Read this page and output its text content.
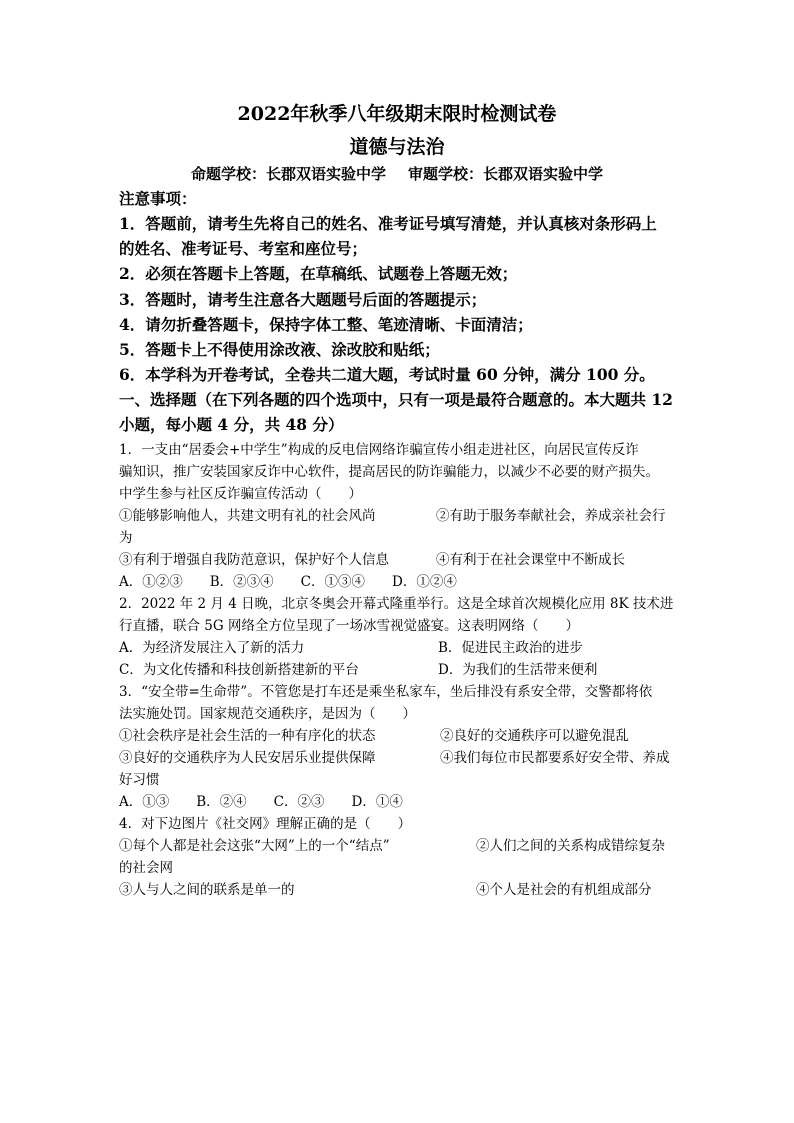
2022年秋季八年级期末限时检测试卷
道德与法治
命题学校：长郡双语实验中学 审题学校：长郡双语实验中学
注意事项：
1．答题前，请考生先将自己的姓名、准考证号填写清楚，并认真核对条形码上
的姓名、准考证号、考室和座位号；
2．必须在答题卡上答题，在草稿纸、试题卷上答题无效；
3．答题时，请考生注意各大题题号后面的答题提示；
4．请勿折叠答题卡，保持字体工整、笔迹清晰、卡面清洁；
5．答题卡上不得使用涂改液、涂改胶和贴纸；
6．本学科为开卷考试，全卷共二道大题，考试时量 60 分钟，满分 100 分。
一、选择题（在下列各题的四个选项中，只有一项是最符合题意的。本大题共 12
小题，每小题 4 分，共 48 分）
1．一支由“居委会+中学生”构成的反电信网络诈骗宣传小组走进社区，向居民宣传反诈
骗知识，推广安装国家反诈中心软件，提高居民的防诈骗能力，以减少不必要的财产损失。
中学生参与社区反诈骗宣传活动（　　）
①能够影响他人，共建文明有礼的社会风尚	②有助于服务奉献社会，养成亲社会行
为
③有利于增强自我防范意识，保护好个人信息	④有利于在社会课堂中不断成长
A．①②③　　B．②③④　　C．①③④　　D．①②④
2．2022 年 2 月 4 日晚，北京冬奥会开幕式隆重举行。这是全球首次规模化应用 8K 技术进
行直播，联合 5G 网络全方位呈现了一场冰雪视觉盛宴。这表明网络（　　）
A．为经济发展注入了新的活力	B．促进民主政治的进步
C．为文化传播和科技创新搭建新的平台	D．为我们的生活带来便利
3．“安全带=生命带”。不管您是打车还是乘坐私家车，坐后排没有系安全带，交警都将依
法实施处罚。国家规范交通秩序，是因为（　　）
①社会秩序是社会生活的一种有序化的状态	②良好的交通秩序可以避免混乱
③良好的交通秩序为人民安居乐业提供保障	④我们每位市民都要系好安全带、养成
好习惯
A．①③　　B．②④　　C．②③　　D．①④
4．对下边图片《社交网》理解正确的是（　　）
①每个人都是社会这张“大网”上的一个“结点”	②人们之间的关系构成错综复杂
的社会网
③人与人之间的联系是单一的	④个人是社会的有机组成部分
